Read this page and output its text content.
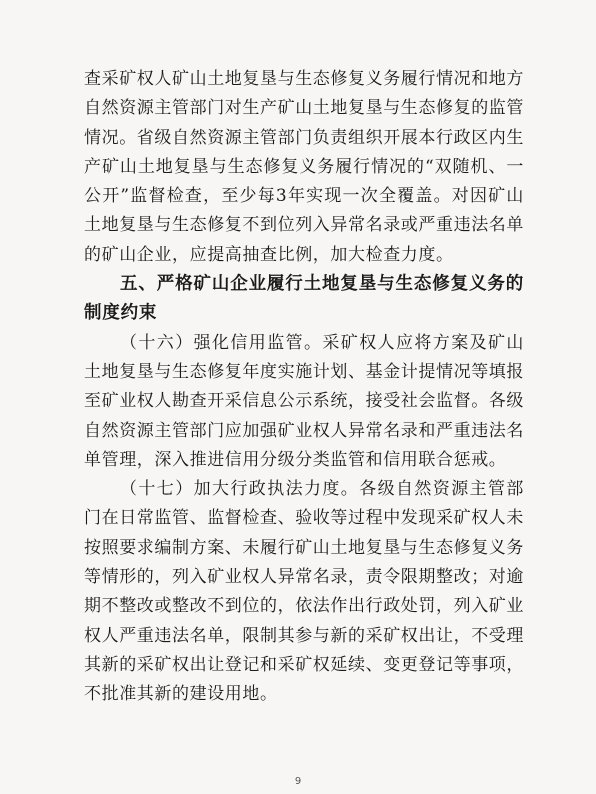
查采矿权人矿山土地复垦与生态修复义务履行情况和地方自然资源主管部门对生产矿山土地复垦与生态修复的监管情况。省级自然资源主管部门负责组织开展本行政区内生产矿山土地复垦与生态修复义务履行情况的“双随机、一公开”监督检查，至少每3年实现一次全覆盖。对因矿山土地复垦与生态修复不到位列入异常名录或严重违法名单的矿山企业，应提高抽查比例，加大检查力度。

五、严格矿山企业履行土地复垦与生态修复义务的制度约束

（十六）强化信用监管。采矿权人应将方案及矿山土地复垦与生态修复年度实施计划、基金计提情况等填报至矿业权人勘查开采信息公示系统，接受社会监督。各级自然资源主管部门应加强矿业权人异常名录和严重违法名单管理，深入推进信用分级分类监管和信用联合惩戒。

（十七）加大行政执法力度。各级自然资源主管部门在日常监管、监督检查、验收等过程中发现采矿权人未按照要求编制方案、未履行矿山土地复垦与生态修复义务等情形的，列入矿业权人异常名录，责令限期整改；对逾期不整改或整改不到位的，依法作出行政处罚，列入矿业权人严重违法名单，限制其参与新的采矿权出让，不受理其新的采矿权出让登记和采矿权延续、变更登记等事项，不批准其新的建设用地。

9
